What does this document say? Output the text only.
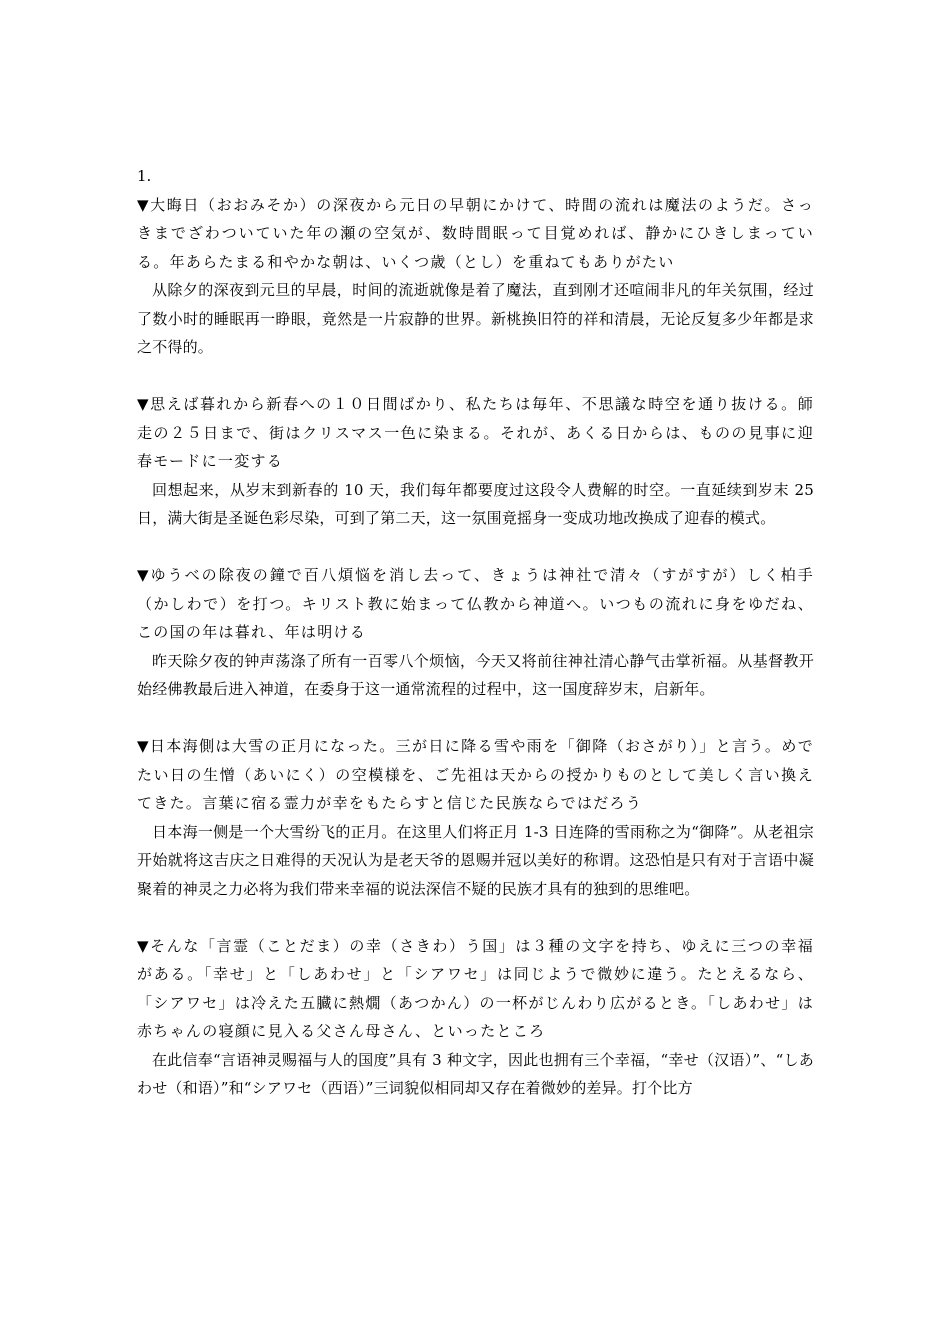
1.

▼大晦日（おおみそか）の深夜から元日の早朝にかけて、時間の流れは魔法のようだ。さっきまでざわついていた年の瀬の空気が、数時間眠って目覚めれば、静かにひきしまっている。年あらたまる和やかな朝は、いくつ歳（とし）を重ねてもありがたい

从除夕的深夜到元旦的早晨，时间的流逝就像是着了魔法，直到刚才还喧闹非凡的年关氛围，经过了数小时的睡眠再一睁眼，竟然是一片寂静的世界。新桃换旧符的祥和清晨，无论反复多少年都是求之不得的。

▼思えば暮れから新春への１０日間ばかり、私たちは毎年、不思議な時空を通り抜ける。師走の２５日まで、街はクリスマス一色に染まる。それが、あくる日からは、ものの見事に迎春モードに一変する

回想起来，从岁末到新春的 10 天，我们每年都要度过这段令人费解的时空。一直延续到岁末 25 日，满大街是圣诞色彩尽染，可到了第二天，这一氛围竟摇身一变成功地改换成了迎春的模式。

▼ゆうべの除夜の鐘で百八煩悩を消し去って、きょうは神社で清々（すがすが）しく柏手（かしわで）を打つ。キリスト教に始まって仏教から神道へ。いつもの流れに身をゆだね、この国の年は暮れ、年は明ける

昨天除夕夜的钟声荡涤了所有一百零八个烦恼，今天又将前往神社清心静气击掌祈福。从基督教开始经佛教最后进入神道，在委身于这一通常流程的过程中，这一国度辞岁末，启新年。

▼日本海側は大雪の正月になった。三が日に降る雪や雨を「御降（おさがり）」と言う。めでたい日の生憎（あいにく）の空模様を、ご先祖は天からの授かりものとして美しく言い換えてきた。言葉に宿る霊力が幸をもたらすと信じた民族ならではだろう

日本海一侧是一个大雪纷飞的正月。在这里人们将正月 1-3 日连降的雪雨称之为“御降”。从老祖宗开始就将这吉庆之日难得的天况认为是老天爷的恩赐并冠以美好的称谓。这恐怕是只有对于言语中凝聚着的神灵之力必将为我们带来幸福的说法深信不疑的民族才具有的独到的思维吧。

▼そんな「言霊（ことだま）の幸（さきわ）う国」は３種の文字を持ち、ゆえに三つの幸福がある。「幸せ」と「しあわせ」と「シアワセ」は同じようで微妙に違う。たとえるなら、「シアワセ」は冷えた五臓に熱燗（あつかん）の一杯がじんわり広がるとき。「しあわせ」は赤ちゃんの寝顔に見入る父さん母さん、といったところ

在此信奉“言语神灵赐福与人的国度”具有 3 种文字，因此也拥有三个幸福，“幸せ（汉语）”、“しあわせ（和语）”和“シアワセ（西语）”三词貌似相同却又存在着微妙的差异。打个比方
